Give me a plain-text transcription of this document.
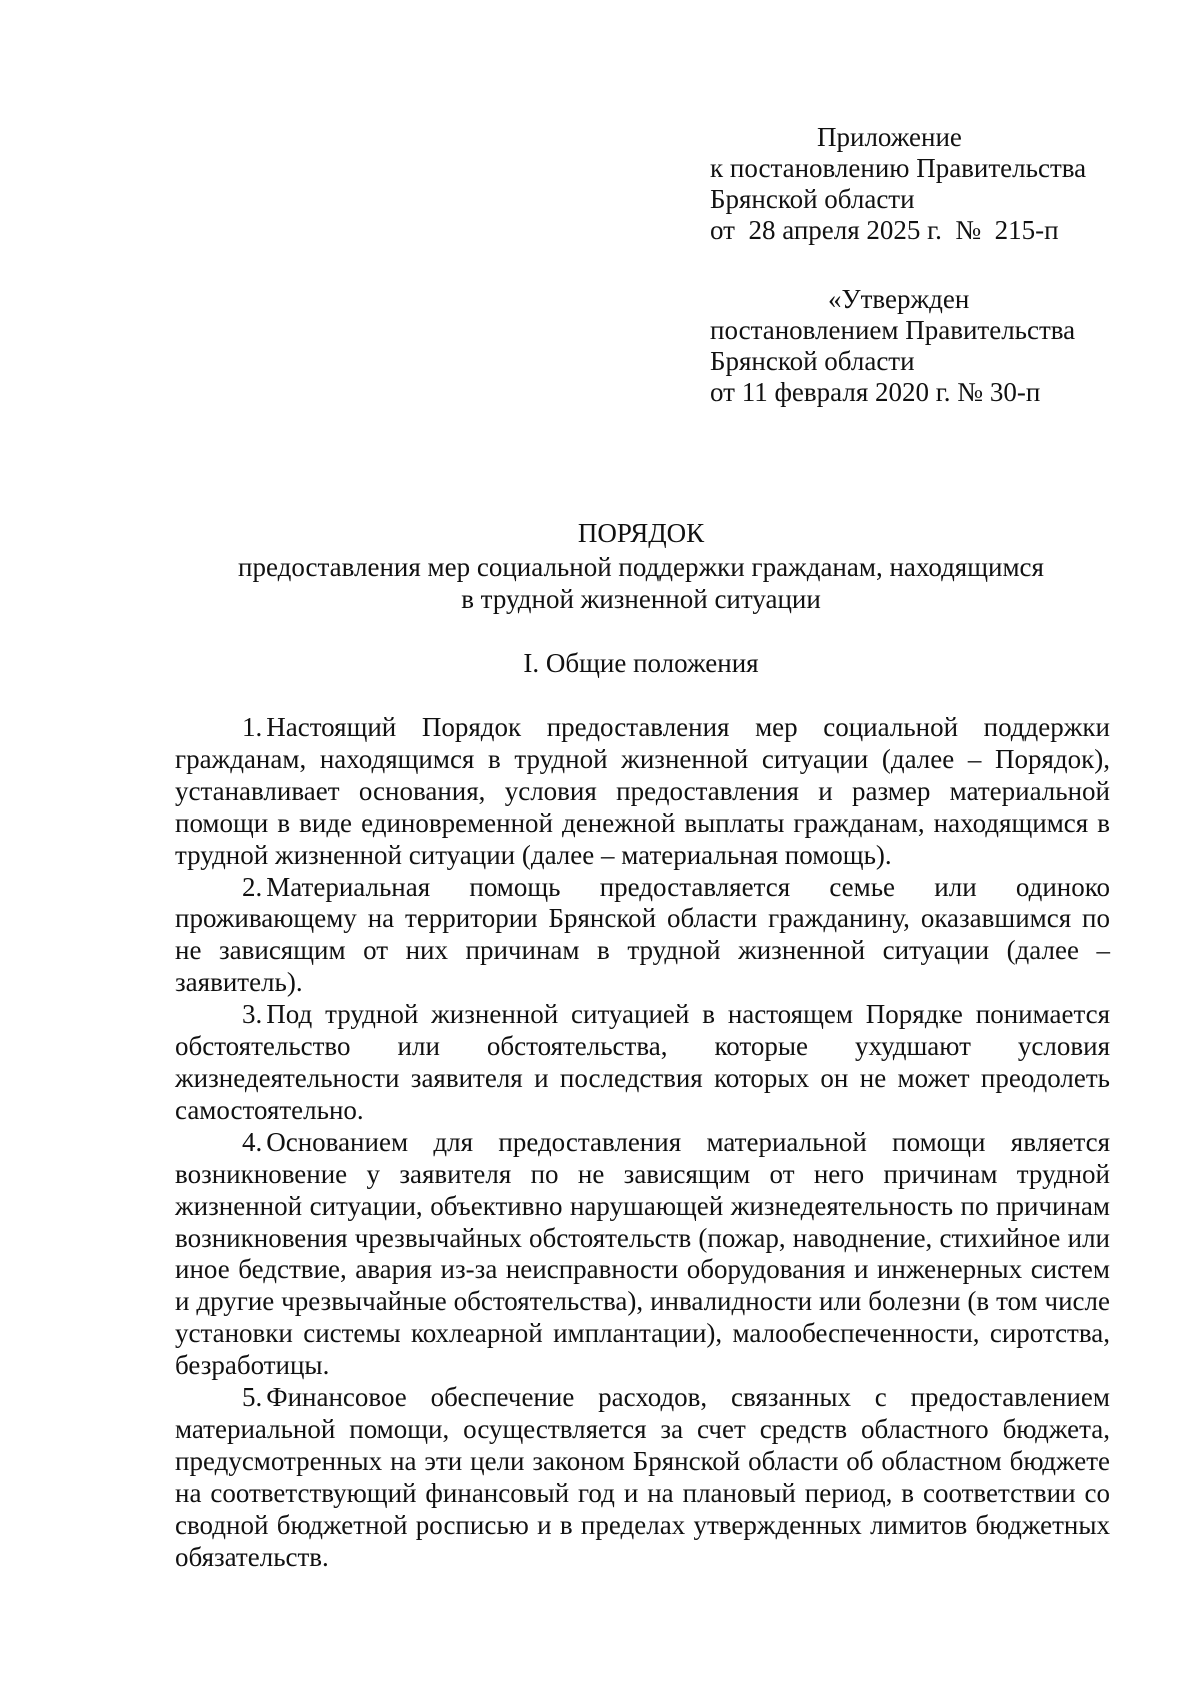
Приложение
к постановлению Правительства
Брянской области
от  28 апреля 2025 г.  №  215-п
«Утвержден
постановлением Правительства
Брянской области
от 11 февраля 2020 г. № 30-п
ПОРЯДОК
предоставления мер социальной поддержки гражданам, находящимся
в трудной жизненной ситуации
I. Общие положения

1. Настоящий Порядок предоставления мер социальной поддержки гражданам, находящимся в трудной жизненной ситуации (далее – Порядок), устанавливает основания, условия предоставления и размер материальной помощи в виде единовременной денежной выплаты гражданам, находящимся в трудной жизненной ситуации (далее – материальная помощь).

2. Материальная помощь предоставляется семье или одиноко проживающему на территории Брянской области гражданину, оказавшимся по не зависящим от них причинам в трудной жизненной ситуации (далее – заявитель).

3. Под трудной жизненной ситуацией в настоящем Порядке понимается обстоятельство или обстоятельства, которые ухудшают условия жизнедеятельности заявителя и последствия которых он не может преодолеть самостоятельно.

4. Основанием для предоставления материальной помощи является возникновение у заявителя по не зависящим от него причинам трудной жизненной ситуации, объективно нарушающей жизнедеятельность по причинам возникновения чрезвычайных обстоятельств (пожар, наводнение, стихийное или иное бедствие, авария из-за неисправности оборудования и инженерных систем и другие чрезвычайные обстоятельства), инвалидности или болезни (в том числе установки системы кохлеарной имплантации), малообеспеченности, сиротства, безработицы.

5. Финансовое обеспечение расходов, связанных с предоставлением материальной помощи, осуществляется за счет средств областного бюджета, предусмотренных на эти цели законом Брянской области об областном бюджете на соответствующий финансовый год и на плановый период, в соответствии со сводной бюджетной росписью и в пределах утвержденных лимитов бюджетных обязательств.
